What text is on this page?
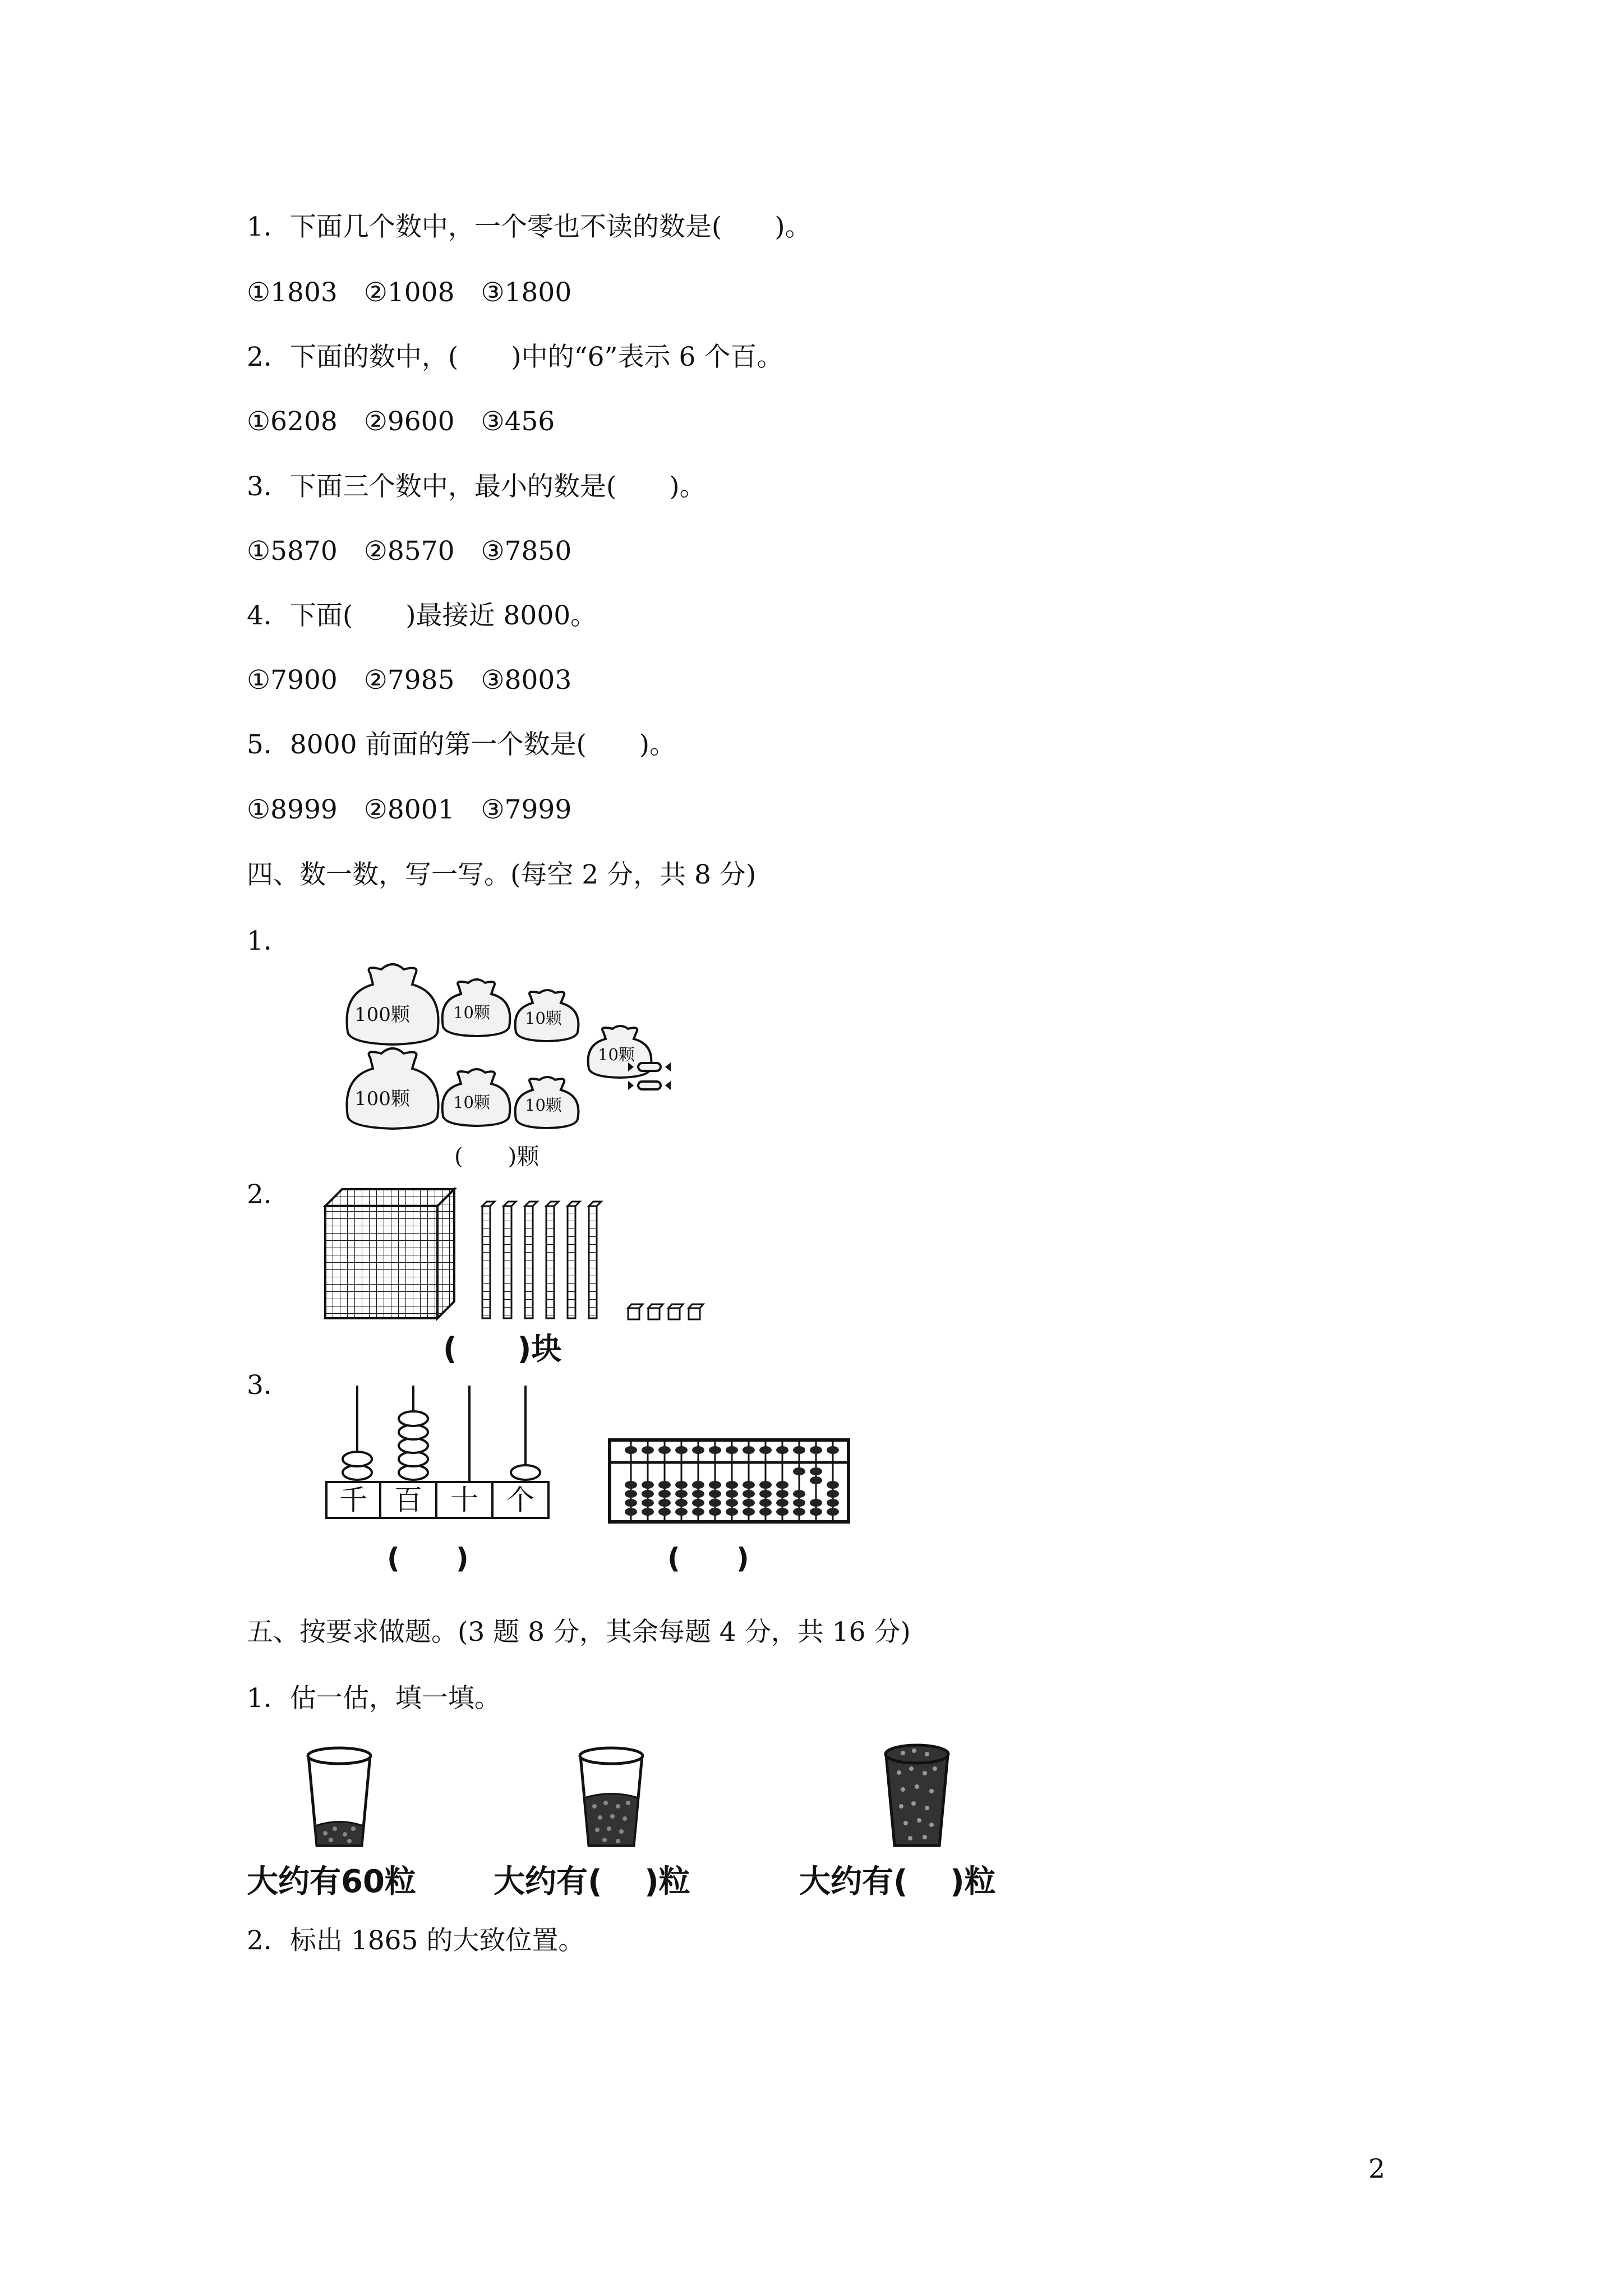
1．下面几个数中，一个零也不读的数是(　　)。
①1803　②1008　③1800
2．下面的数中，(　　)中的“6”表示 6 个百。
①6208　②9600　③456
3．下面三个数中，最小的数是(　　)。
①5870　②8570　③7850
4．下面(　　)最接近 8000。
①7900　②7985　③8003
5．8000 前面的第一个数是(　　)。
①8999　②8001　③7999
四、数一数，写一写。(每空 2 分，共 8 分)
1．
100颗
100颗
10颗 10颗
10颗
10颗 10颗
(　　)颗
2．
(　　)块
3．
千 百	十	个
(　　)	(　　)
五、按要求做题。(3 题 8 分，其余每题 4 分，共 16 分)
1．估一估，填一填。
大约有60粒 大约有(　 )粒	大约有(　 )粒
2．标出 1865 的大致位置。
2
